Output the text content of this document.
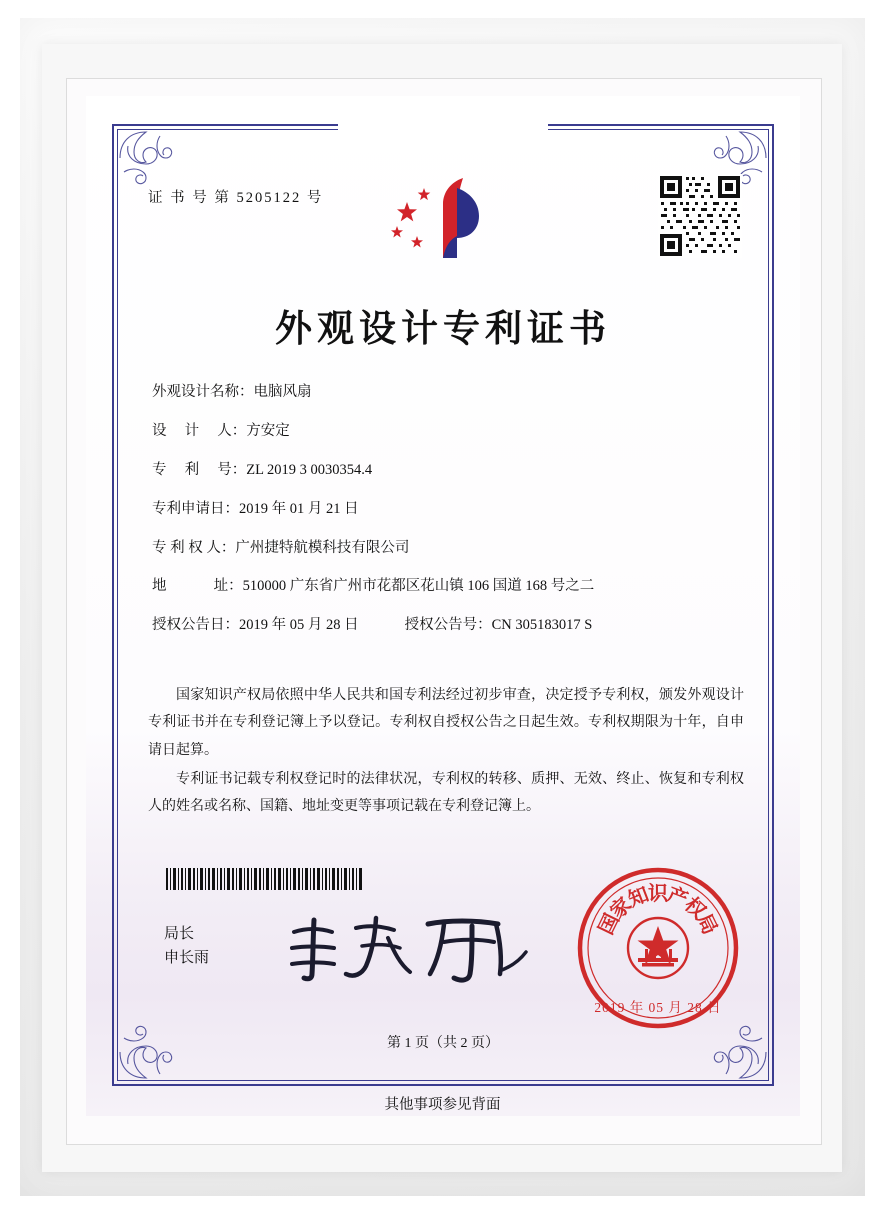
证 书 号 第 5205122 号
外观设计专利证书
外观设计名称： 电脑风扇
设　 计　 人： 方安定
专　 利　 号： ZL 2019 3 0030354.4
专利申请日： 2019 年 01 月 21 日
专 利 权 人： 广州捷特航模科技有限公司
地　　　 址： 510000 广东省广州市花都区花山镇 106 国道 168 号之二
授权公告日： 2019 年 05 月 28 日	授权公告号： CN 305183017 S

国家知识产权局依照中华人民共和国专利法经过初步审查，决定授予专利权，颁发外观设计专利证书并在专利登记簿上予以登记。专利权自授权公告之日起生效。专利权期限为十年，自申请日起算。

专利证书记载专利权登记时的法律状况，专利权的转移、质押、无效、终止、恢复和专利权人的姓名或名称、国籍、地址变更等事项记载在专利登记簿上。

局长
申长雨
国
家
知
识
产
权
局
2019 年 05 月 28 日
第 1 页（共 2 页）
其他事项参见背面
